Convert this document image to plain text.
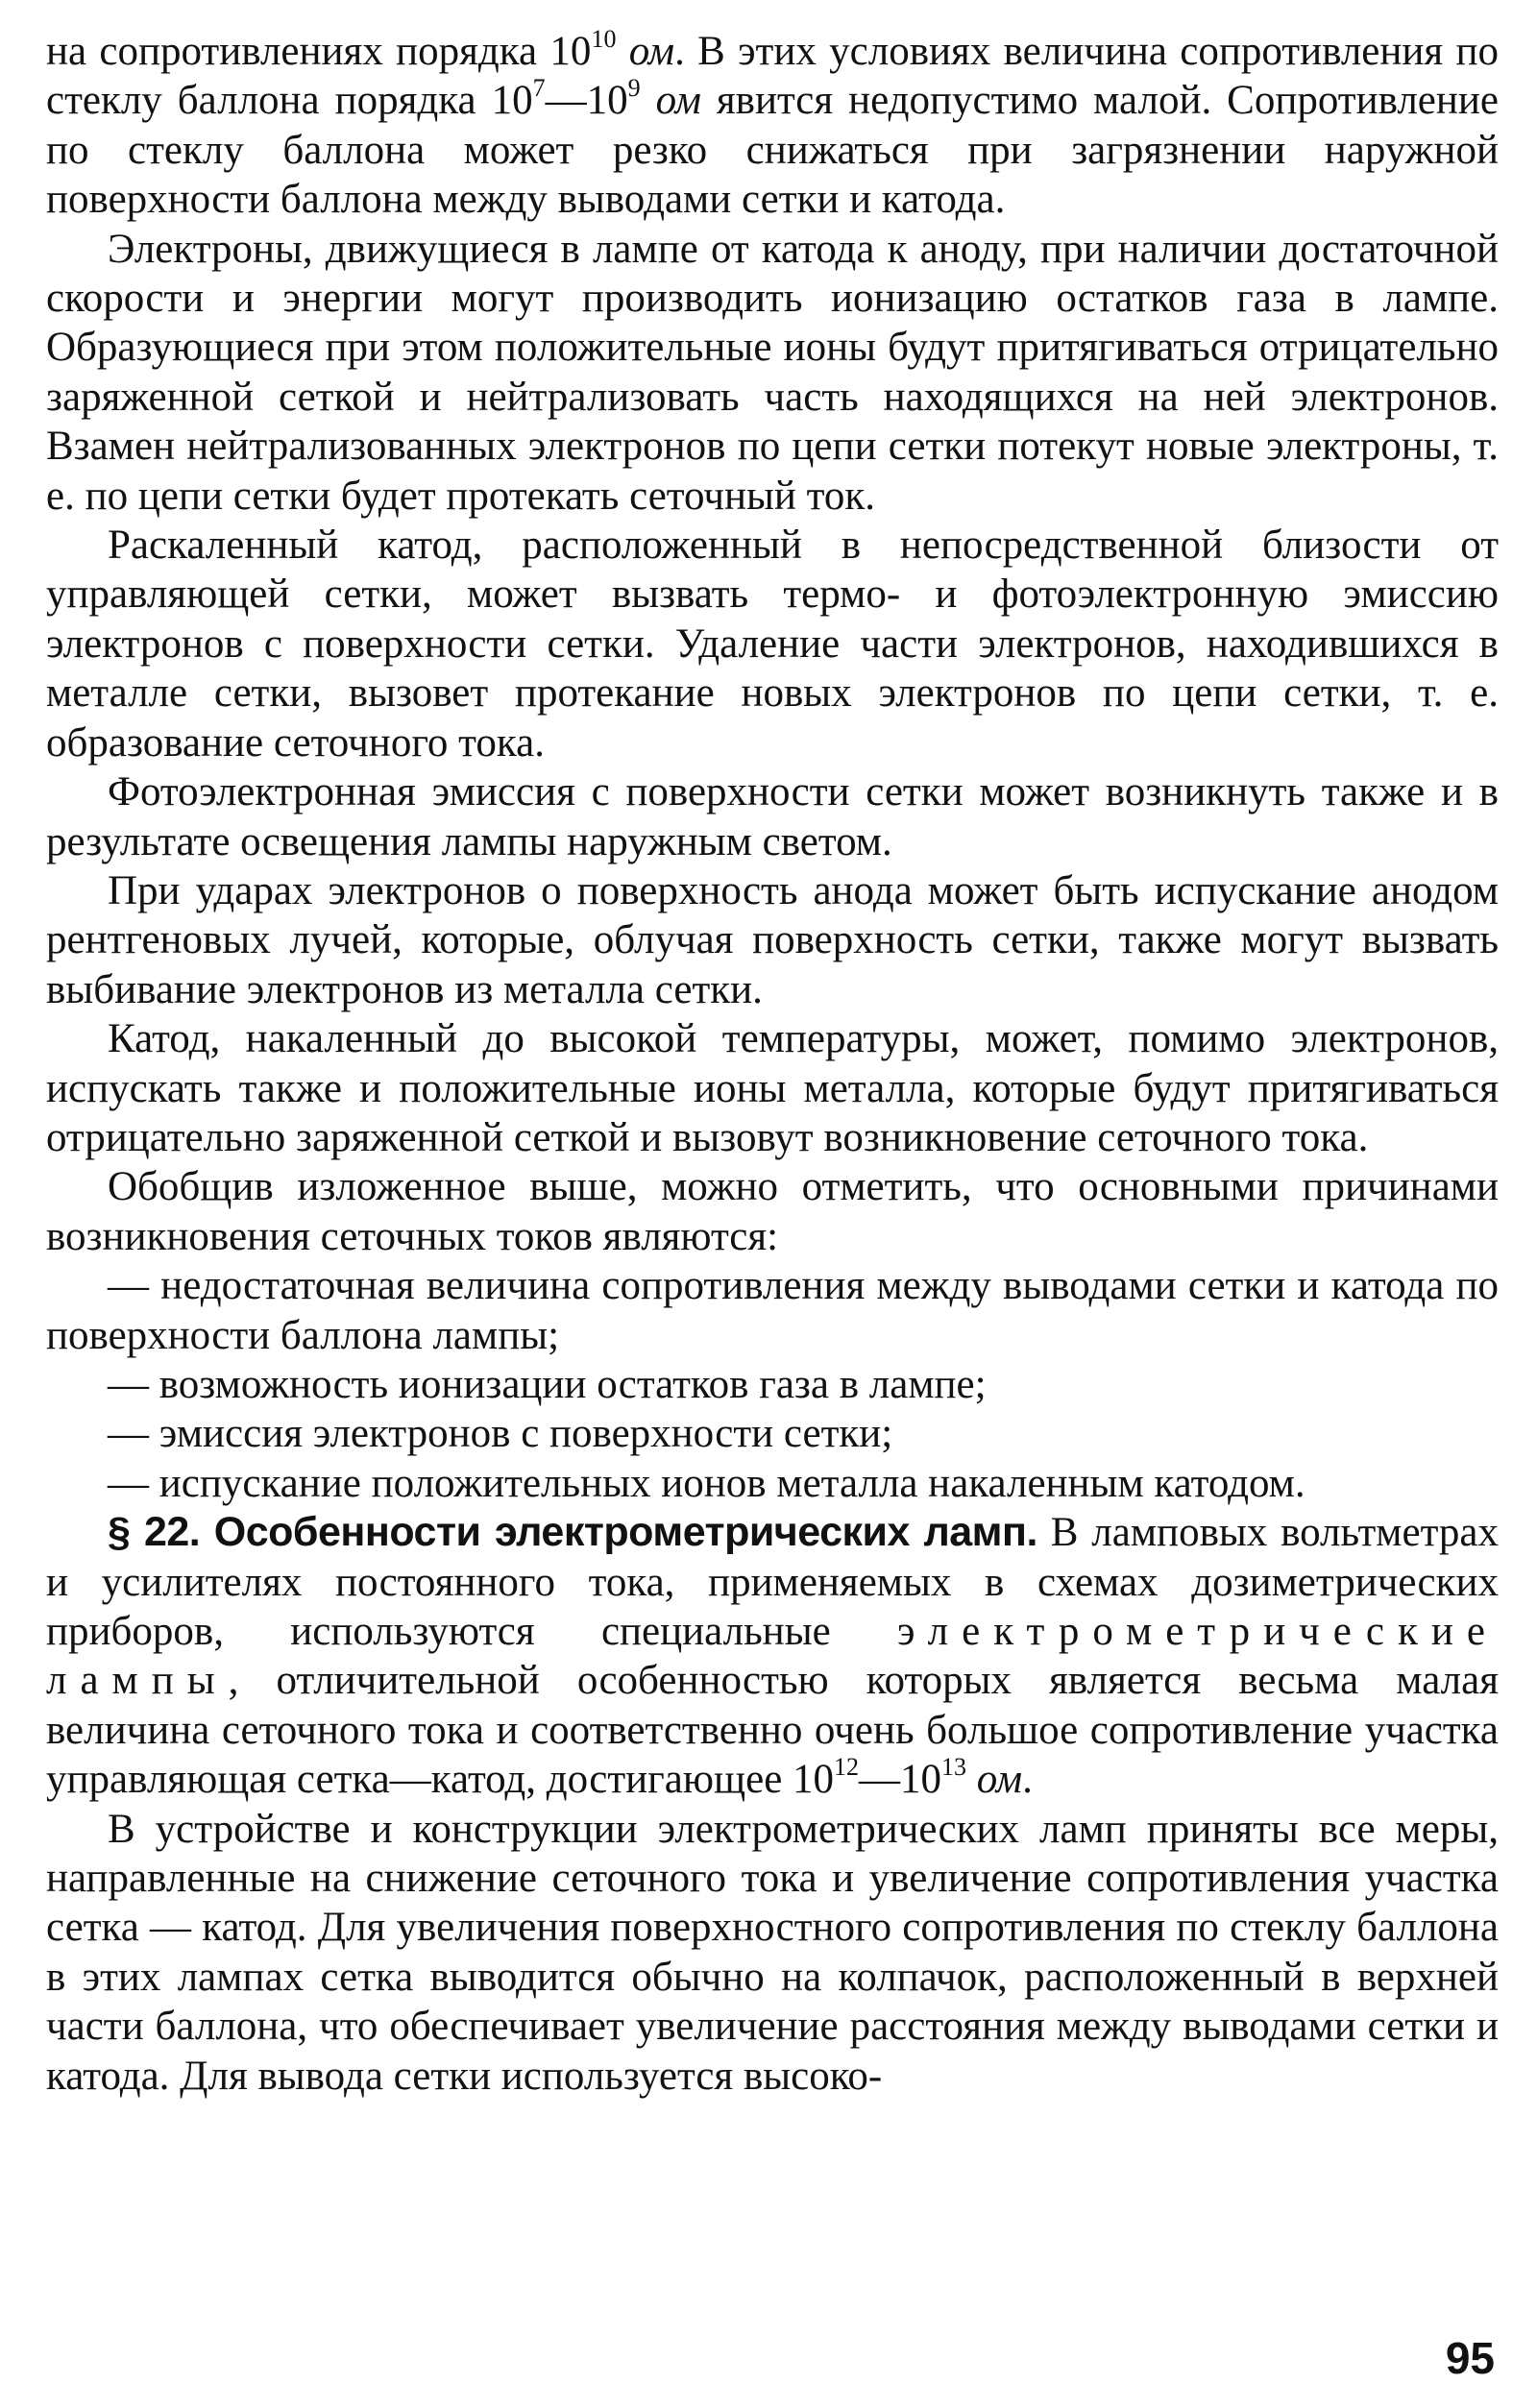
на сопротивлениях порядка $10^{10}$ ом. В этих условиях величина сопротивления по стеклу баллона порядка $10^7—10^9$ ом явится недопустимо малой. Сопротивление по стеклу баллона может резко снижаться при загрязнении наружной поверхности баллона между выводами сетки и катода.

Электроны, движущиеся в лампе от катода к аноду, при наличии достаточной скорости и энергии могут производить ионизацию остатков газа в лампе. Образующиеся при этом положительные ионы будут притягиваться отрицательно заряженной сеткой и нейтрализовать часть находящихся на ней электронов. Взамен нейтрализованных электронов по цепи сетки потекут новые электроны, т. е. по цепи сетки будет протекать сеточный ток.

Раскаленный катод, расположенный в непосредственной близости от управляющей сетки, может вызвать термо- и фотоэлектронную эмиссию электронов с поверхности сетки. Удаление части электронов, находившихся в металле сетки, вызовет протекание новых электронов по цепи сетки, т. е. образование сеточного тока.

Фотоэлектронная эмиссия с поверхности сетки может возникнуть также и в результате освещения лампы наружным светом.

При ударах электронов о поверхность анода может быть испускание анодом рентгеновых лучей, которые, облучая поверхность сетки, также могут вызвать выбивание электронов из металла сетки.

Катод, накаленный до высокой температуры, может, помимо электронов, испускать также и положительные ионы металла, которые будут притягиваться отрицательно заряженной сеткой и вызовут возникновение сеточного тока.

Обобщив изложенное выше, можно отметить, что основными причинами возникновения сеточных токов являются:

— недостаточная величина сопротивления между выводами сетки и катода по поверхности баллона лампы;

— возможность ионизации остатков газа в лампе;

— эмиссия электронов с поверхности сетки;

— испускание положительных ионов металла накаленным катодом.

§ 22. Особенности электрометрических ламп. В ламповых вольтметрах и усилителях постоянного тока, применяемых в схемах дозиметрических приборов, используются специальные электрометрические лампы, отличительной особенностью которых является весьма малая величина сеточного тока и соответственно очень большое сопротивление участка управляющая сетка—катод, достигающее $10^{12}—10^{13}$ ом.

В устройстве и конструкции электрометрических ламп приняты все меры, направленные на снижение сеточного тока и увеличение сопротивления участка сетка — катод. Для увеличения поверхностного сопротивления по стеклу баллона в этих лампах сетка выводится обычно на колпачок, расположенный в верхней части баллона, что обеспечивает увеличение расстояния между выводами сетки и катода. Для вывода сетки используется высоко-

95
